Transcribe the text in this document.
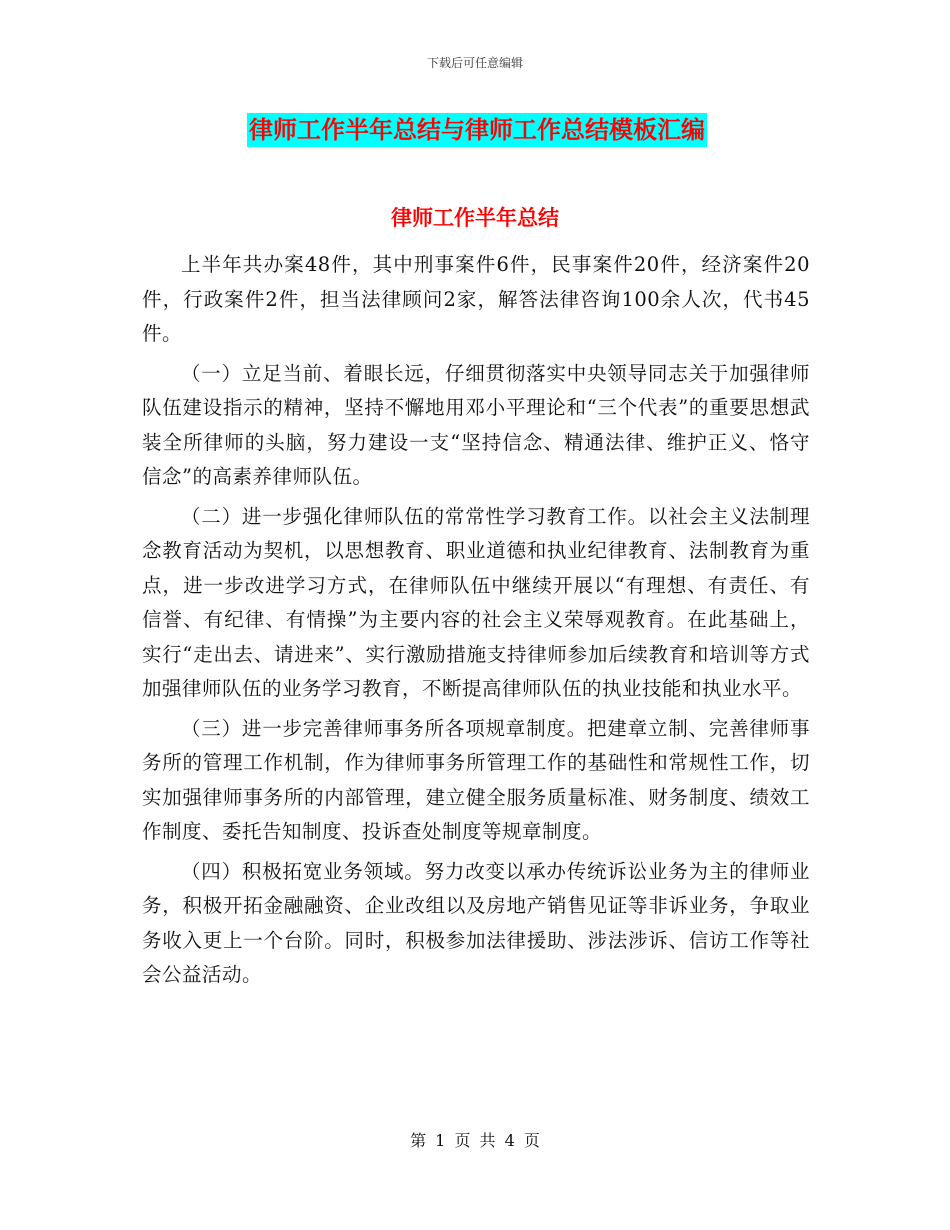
下载后可任意编辑
律师工作半年总结与律师工作总结模板汇编
律师工作半年总结

上半年共办案48件，其中刑事案件6件，民事案件20件，经济案件20件，行政案件2件，担当法律顾问2家，解答法律咨询100余人次，代书45件。

（一）立足当前、着眼长远，仔细贯彻落实中央领导同志关于加强律师队伍建设指示的精神，坚持不懈地用邓小平理论和“三个代表”的重要思想武装全所律师的头脑，努力建设一支“坚持信念、精通法律、维护正义、恪守信念”的高素养律师队伍。

（二）进一步强化律师队伍的常常性学习教育工作。以社会主义法制理念教育活动为契机，以思想教育、职业道德和执业纪律教育、法制教育为重点，进一步改进学习方式，在律师队伍中继续开展以“有理想、有责任、有信誉、有纪律、有情操”为主要内容的社会主义荣辱观教育。在此基础上，实行“走出去、请进来”、实行激励措施支持律师参加后续教育和培训等方式加强律师队伍的业务学习教育，不断提高律师队伍的执业技能和执业水平。

（三）进一步完善律师事务所各项规章制度。把建章立制、完善律师事务所的管理工作机制，作为律师事务所管理工作的基础性和常规性工作，切实加强律师事务所的内部管理，建立健全服务质量标准、财务制度、绩效工作制度、委托告知制度、投诉查处制度等规章制度。

（四）积极拓宽业务领域。努力改变以承办传统诉讼业务为主的律师业务，积极开拓金融融资、企业改组以及房地产销售见证等非诉业务，争取业务收入更上一个台阶。同时，积极参加法律援助、涉法涉诉、信访工作等社会公益活动。

第 1 页 共 4 页
